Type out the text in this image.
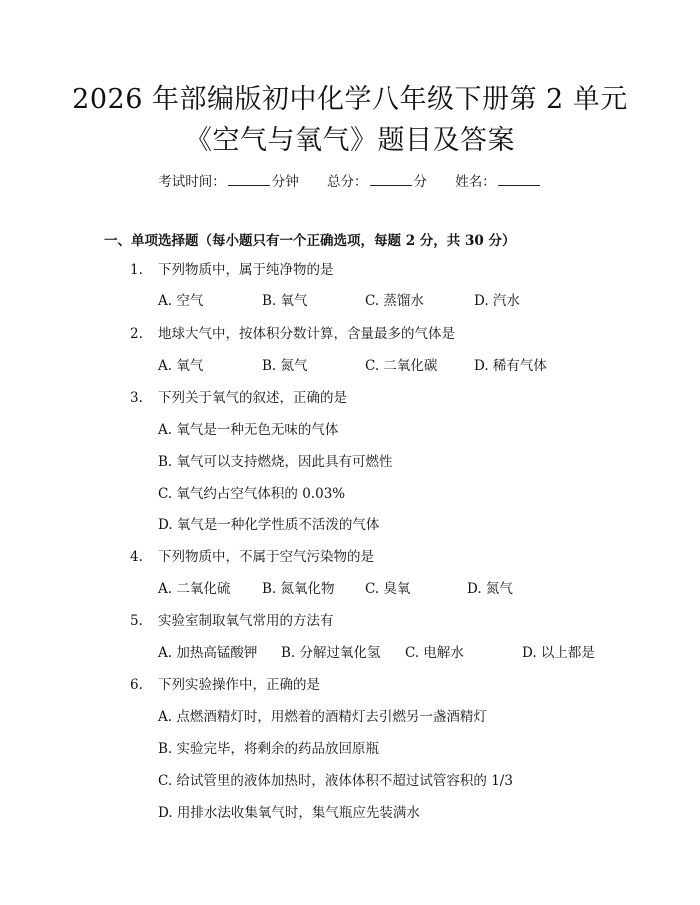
2026 年部编版初中化学八年级下册第 2 单元
《空气与氧气》题目及答案
考试时间：	分钟 总分：	分 姓名：
一、单项选择题（每小题只有一个正确选项，每题 2 分，共 30 分）
1. 下列物质中，属于纯净物的是
A. 空气	B. 氧气	C. 蒸馏水	D. 汽水
2. 地球大气中，按体积分数计算，含量最多的气体是
A. 氧气	B. 氮气	C. 二氧化碳	D. 稀有气体
3. 下列关于氧气的叙述，正确的是
A. 氧气是一种无色无味的气体
B. 氧气可以支持燃烧，因此具有可燃性
C. 氧气约占空气体积的 0.03%
D. 氧气是一种化学性质不活泼的气体
4. 下列物质中，不属于空气污染物的是
A. 二氧化硫 B. 氮氧化物 C. 臭氧	D. 氮气
5. 实验室制取氧气常用的方法有
A. 加热高锰酸钾 B. 分解过氧化氢 C. 电解水	D. 以上都是
6. 下列实验操作中，正确的是
A. 点燃酒精灯时，用燃着的酒精灯去引燃另一盏酒精灯
B. 实验完毕，将剩余的药品放回原瓶
C. 给试管里的液体加热时，液体体积不超过试管容积的 1/3
D. 用排水法收集氧气时，集气瓶应先装满水
